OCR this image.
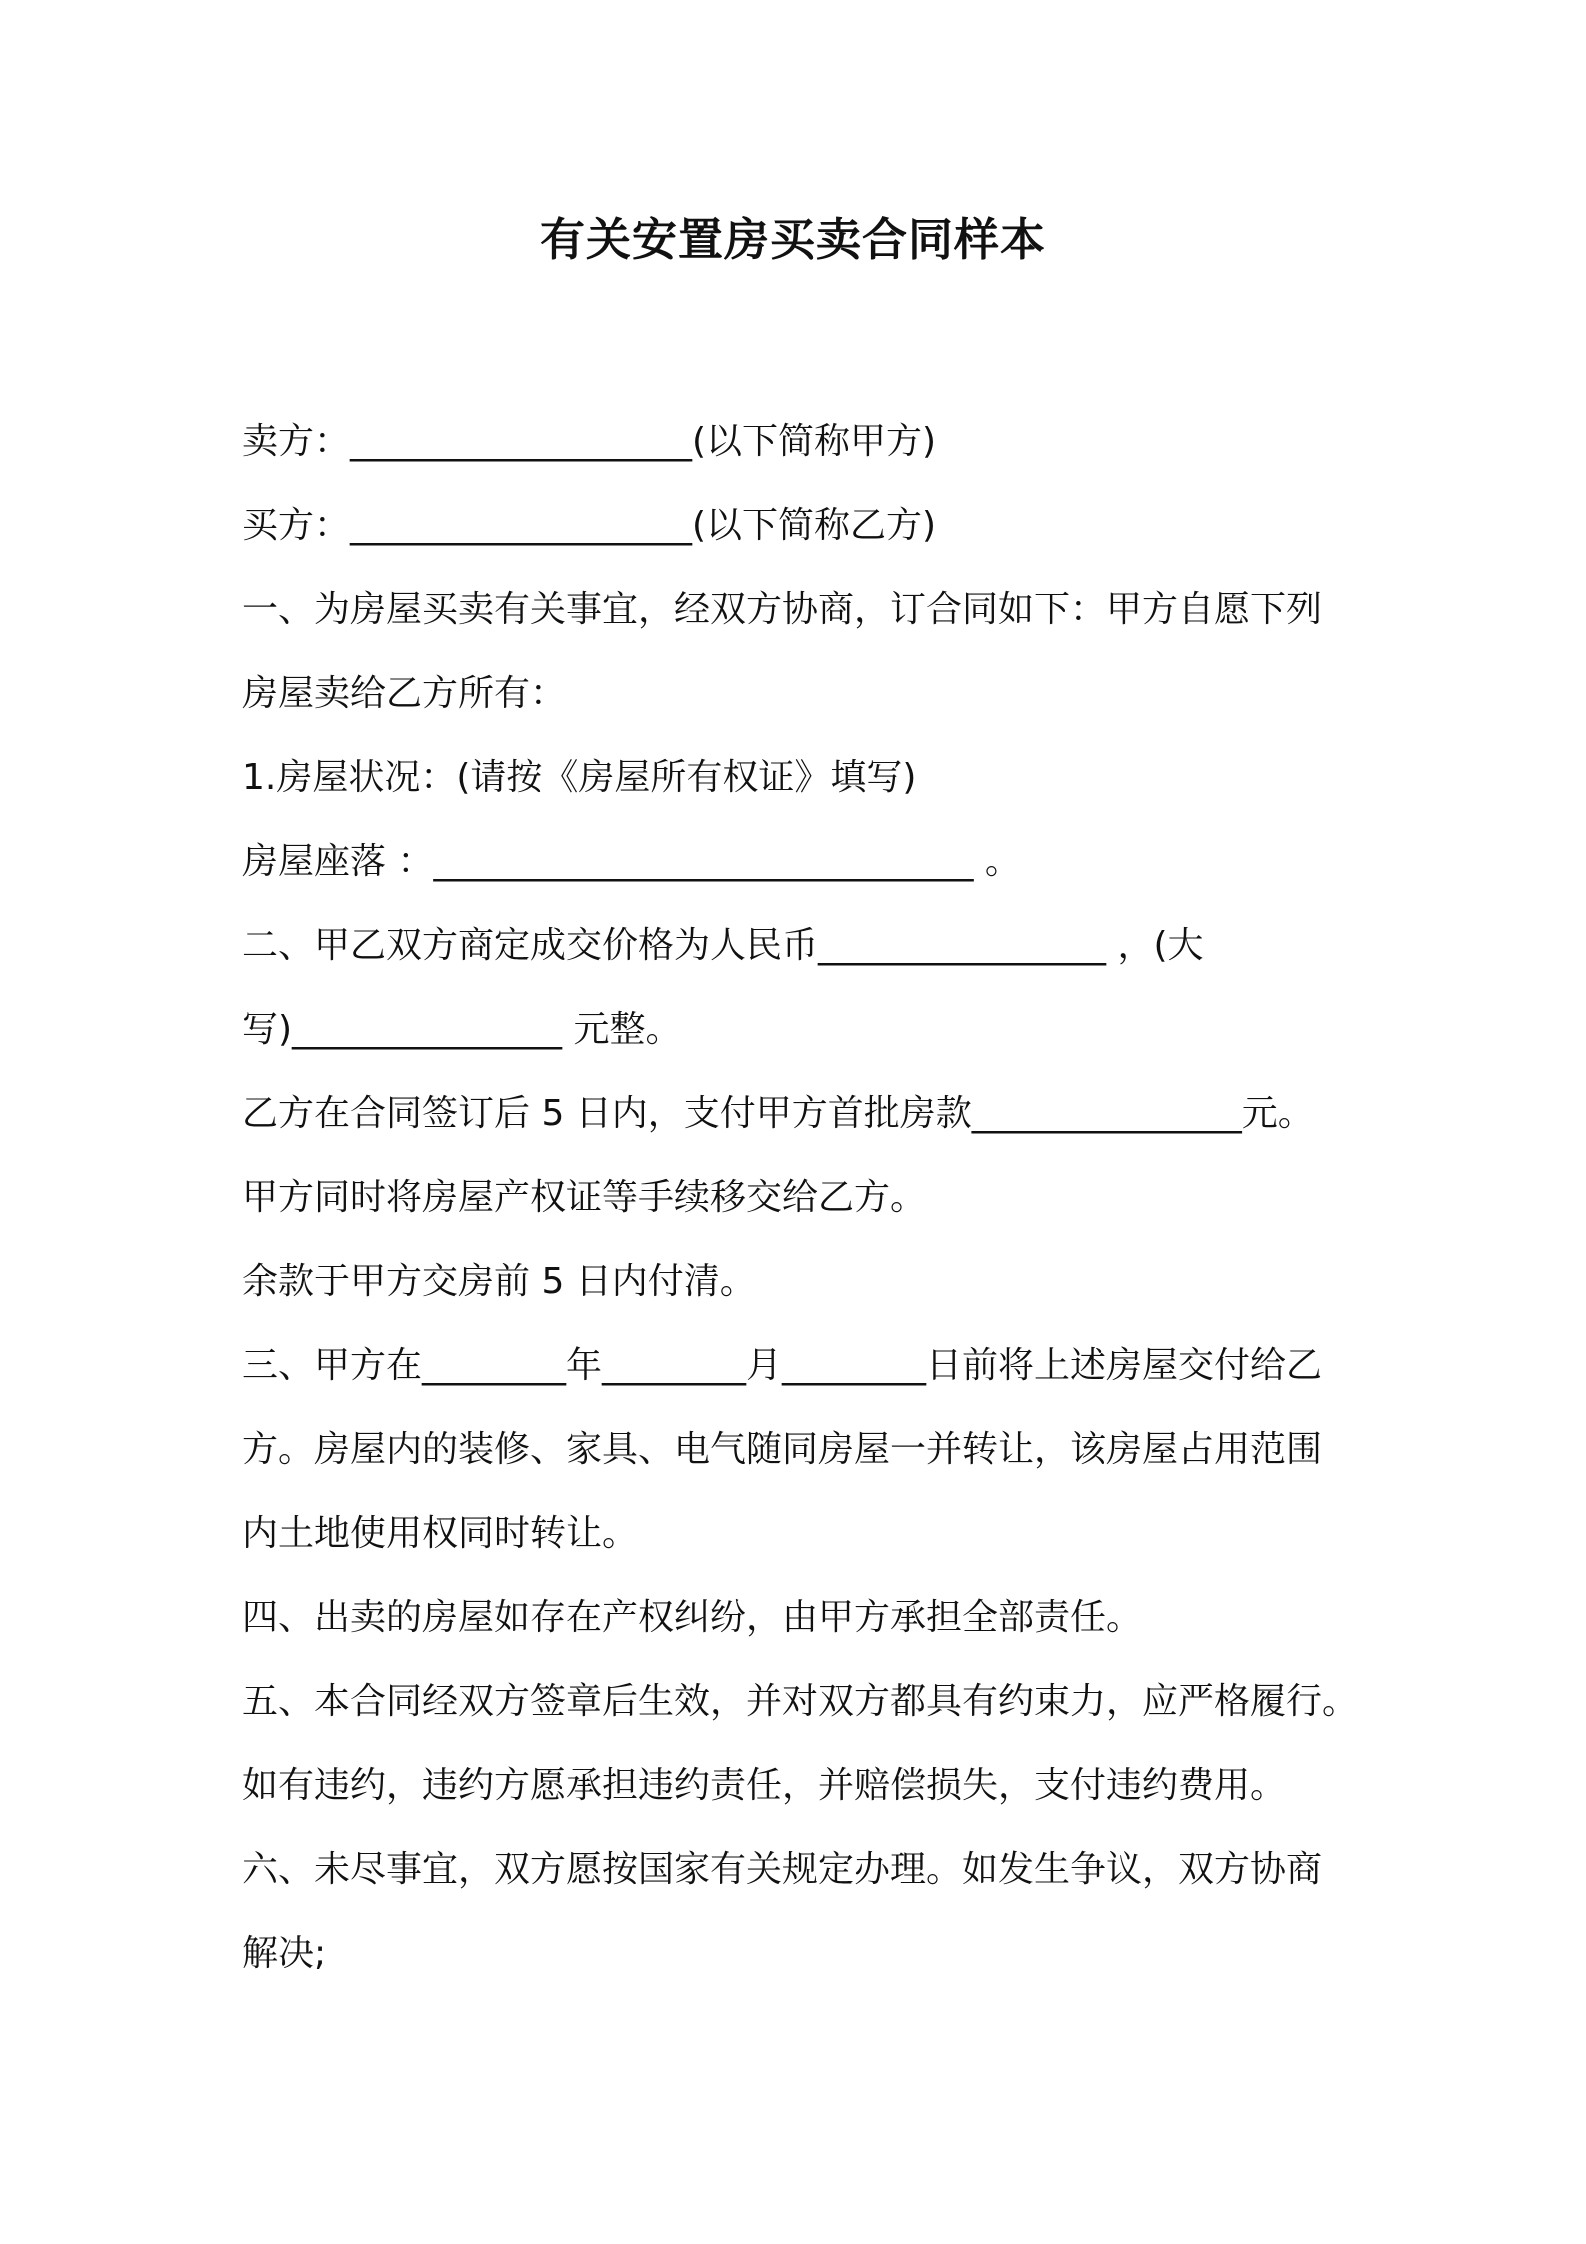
有关安置房买卖合同样本

卖方：___________________(以下简称甲方)

买方：___________________(以下简称乙方)

一、为房屋买卖有关事宜，经双方协商，订合同如下：甲方自愿下列

房屋卖给乙方所有：

1.房屋状况：(请按《房屋所有权证》填写)

房屋座落 ：______________________________ 。

二、甲乙双方商定成交价格为人民币________________ ，(大

写)_______________ 元整。

乙方在合同签订后 5 日内，支付甲方首批房款_______________元。

甲方同时将房屋产权证等手续移交给乙方。

余款于甲方交房前 5 日内付清。

三、甲方在________年________月________日前将上述房屋交付给乙

方。房屋内的装修、家具、电气随同房屋一并转让，该房屋占用范围

内土地使用权同时转让。

四、出卖的房屋如存在产权纠纷，由甲方承担全部责任。

五、本合同经双方签章后生效，并对双方都具有约束力，应严格履行。

如有违约，违约方愿承担违约责任，并赔偿损失，支付违约费用。

六、未尽事宜，双方愿按国家有关规定办理。如发生争议，双方协商

解决;
